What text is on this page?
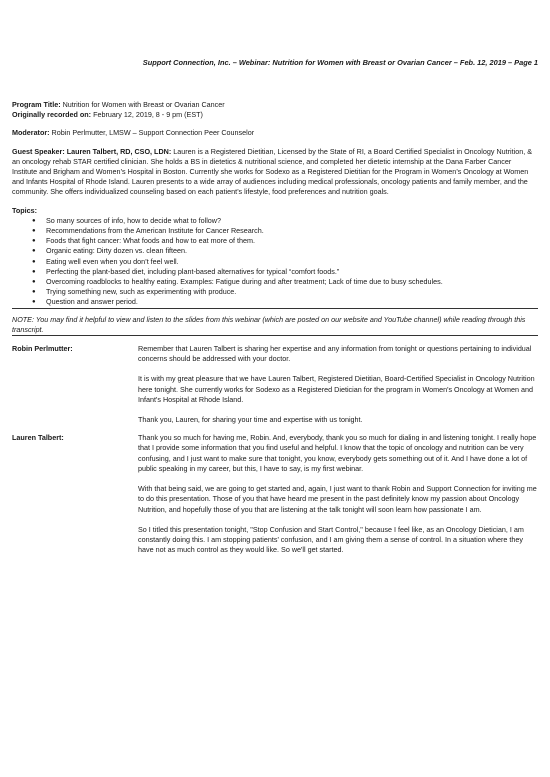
Support Connection, Inc. – Webinar: Nutrition for Women with Breast or Ovarian Cancer – Feb. 12, 2019 – Page 1

Program Title: Nutrition for Women with Breast or Ovarian Cancer

Originally recorded on: February 12, 2019, 8 - 9 pm (EST)

Moderator: Robin Perlmutter, LMSW – Support Connection Peer Counselor

Guest Speaker: Lauren Talbert, RD, CSO, LDN: Lauren is a Registered Dietitian, Licensed by the State of RI, a Board Certified Specialist in Oncology Nutrition, & an oncology rehab STAR certified clinician. She holds a BS in dietetics & nutritional science, and completed her dietetic internship at the Dana Farber Cancer Institute and Brigham and Women’s Hospital in Boston. Currently she works for Sodexo as a Registered Dietitian for the Program in Women’s Oncology at Women and Infants Hospital of Rhode Island. Lauren presents to a wide array of audiences including medical professionals, oncology patients and family member, and the community. She offers individualized counseling based on each patient’s lifestyle, food preferences and nutrition goals.

Topics:

● So many sources of info, how to decide what to follow?
● Recommendations from the American Institute for Cancer Research.
● Foods that fight cancer: What foods and how to eat more of them.
● Organic eating: Dirty dozen vs. clean fifteen.
● Eating well even when you don’t feel well.
● Perfecting the plant-based diet, including plant-based alternatives for typical “comfort foods.”
● Overcoming roadblocks to healthy eating. Examples: Fatigue during and after treatment; Lack of time due to busy schedules.
● Trying something new, such as experimenting with produce.
● Question and answer period.

NOTE: You may find it helpful to view and listen to the slides from this webinar (which are posted on our website and YouTube channel) while reading through this transcript.

Robin Perlmutter:	Remember that Lauren Talbert is sharing her expertise and any information from tonight or questions pertaining to individual concerns should be addressed with your doctor.

It is with my great pleasure that we have Lauren Talbert, Registered Dietitian, Board-Certified Specialist in Oncology Nutrition here tonight. She currently works for Sodexo as a Registered Dietician for the program in Women's Oncology at Women and Infant's Hospital at Rhode Island.

Thank you, Lauren, for sharing your time and expertise with us tonight.

Lauren Talbert:	Thank you so much for having me, Robin. And, everybody, thank you so much for dialing in and listening tonight. I really hope that I provide some information that you find useful and helpful. I know that the topic of oncology and nutrition can be very confusing, and I just want to make sure that tonight, you know, everybody gets something out of it. And I have done a lot of public speaking in my career, but this, I have to say, is my first webinar.

With that being said, we are going to get started and, again, I just want to thank Robin and Support Connection for inviting me to do this presentation. Those of you that have heard me present in the past definitely know my passion about Oncology Nutrition, and hopefully those of you that are listening at the talk tonight will soon learn how passionate I am.

So I titled this presentation tonight, "Stop Confusion and Start Control," because I feel like, as an Oncology Dietician, I am constantly doing this. I am stopping patients' confusion, and I am giving them a sense of control. In a situation where they have not as much control as they would like. So we'll get started.
